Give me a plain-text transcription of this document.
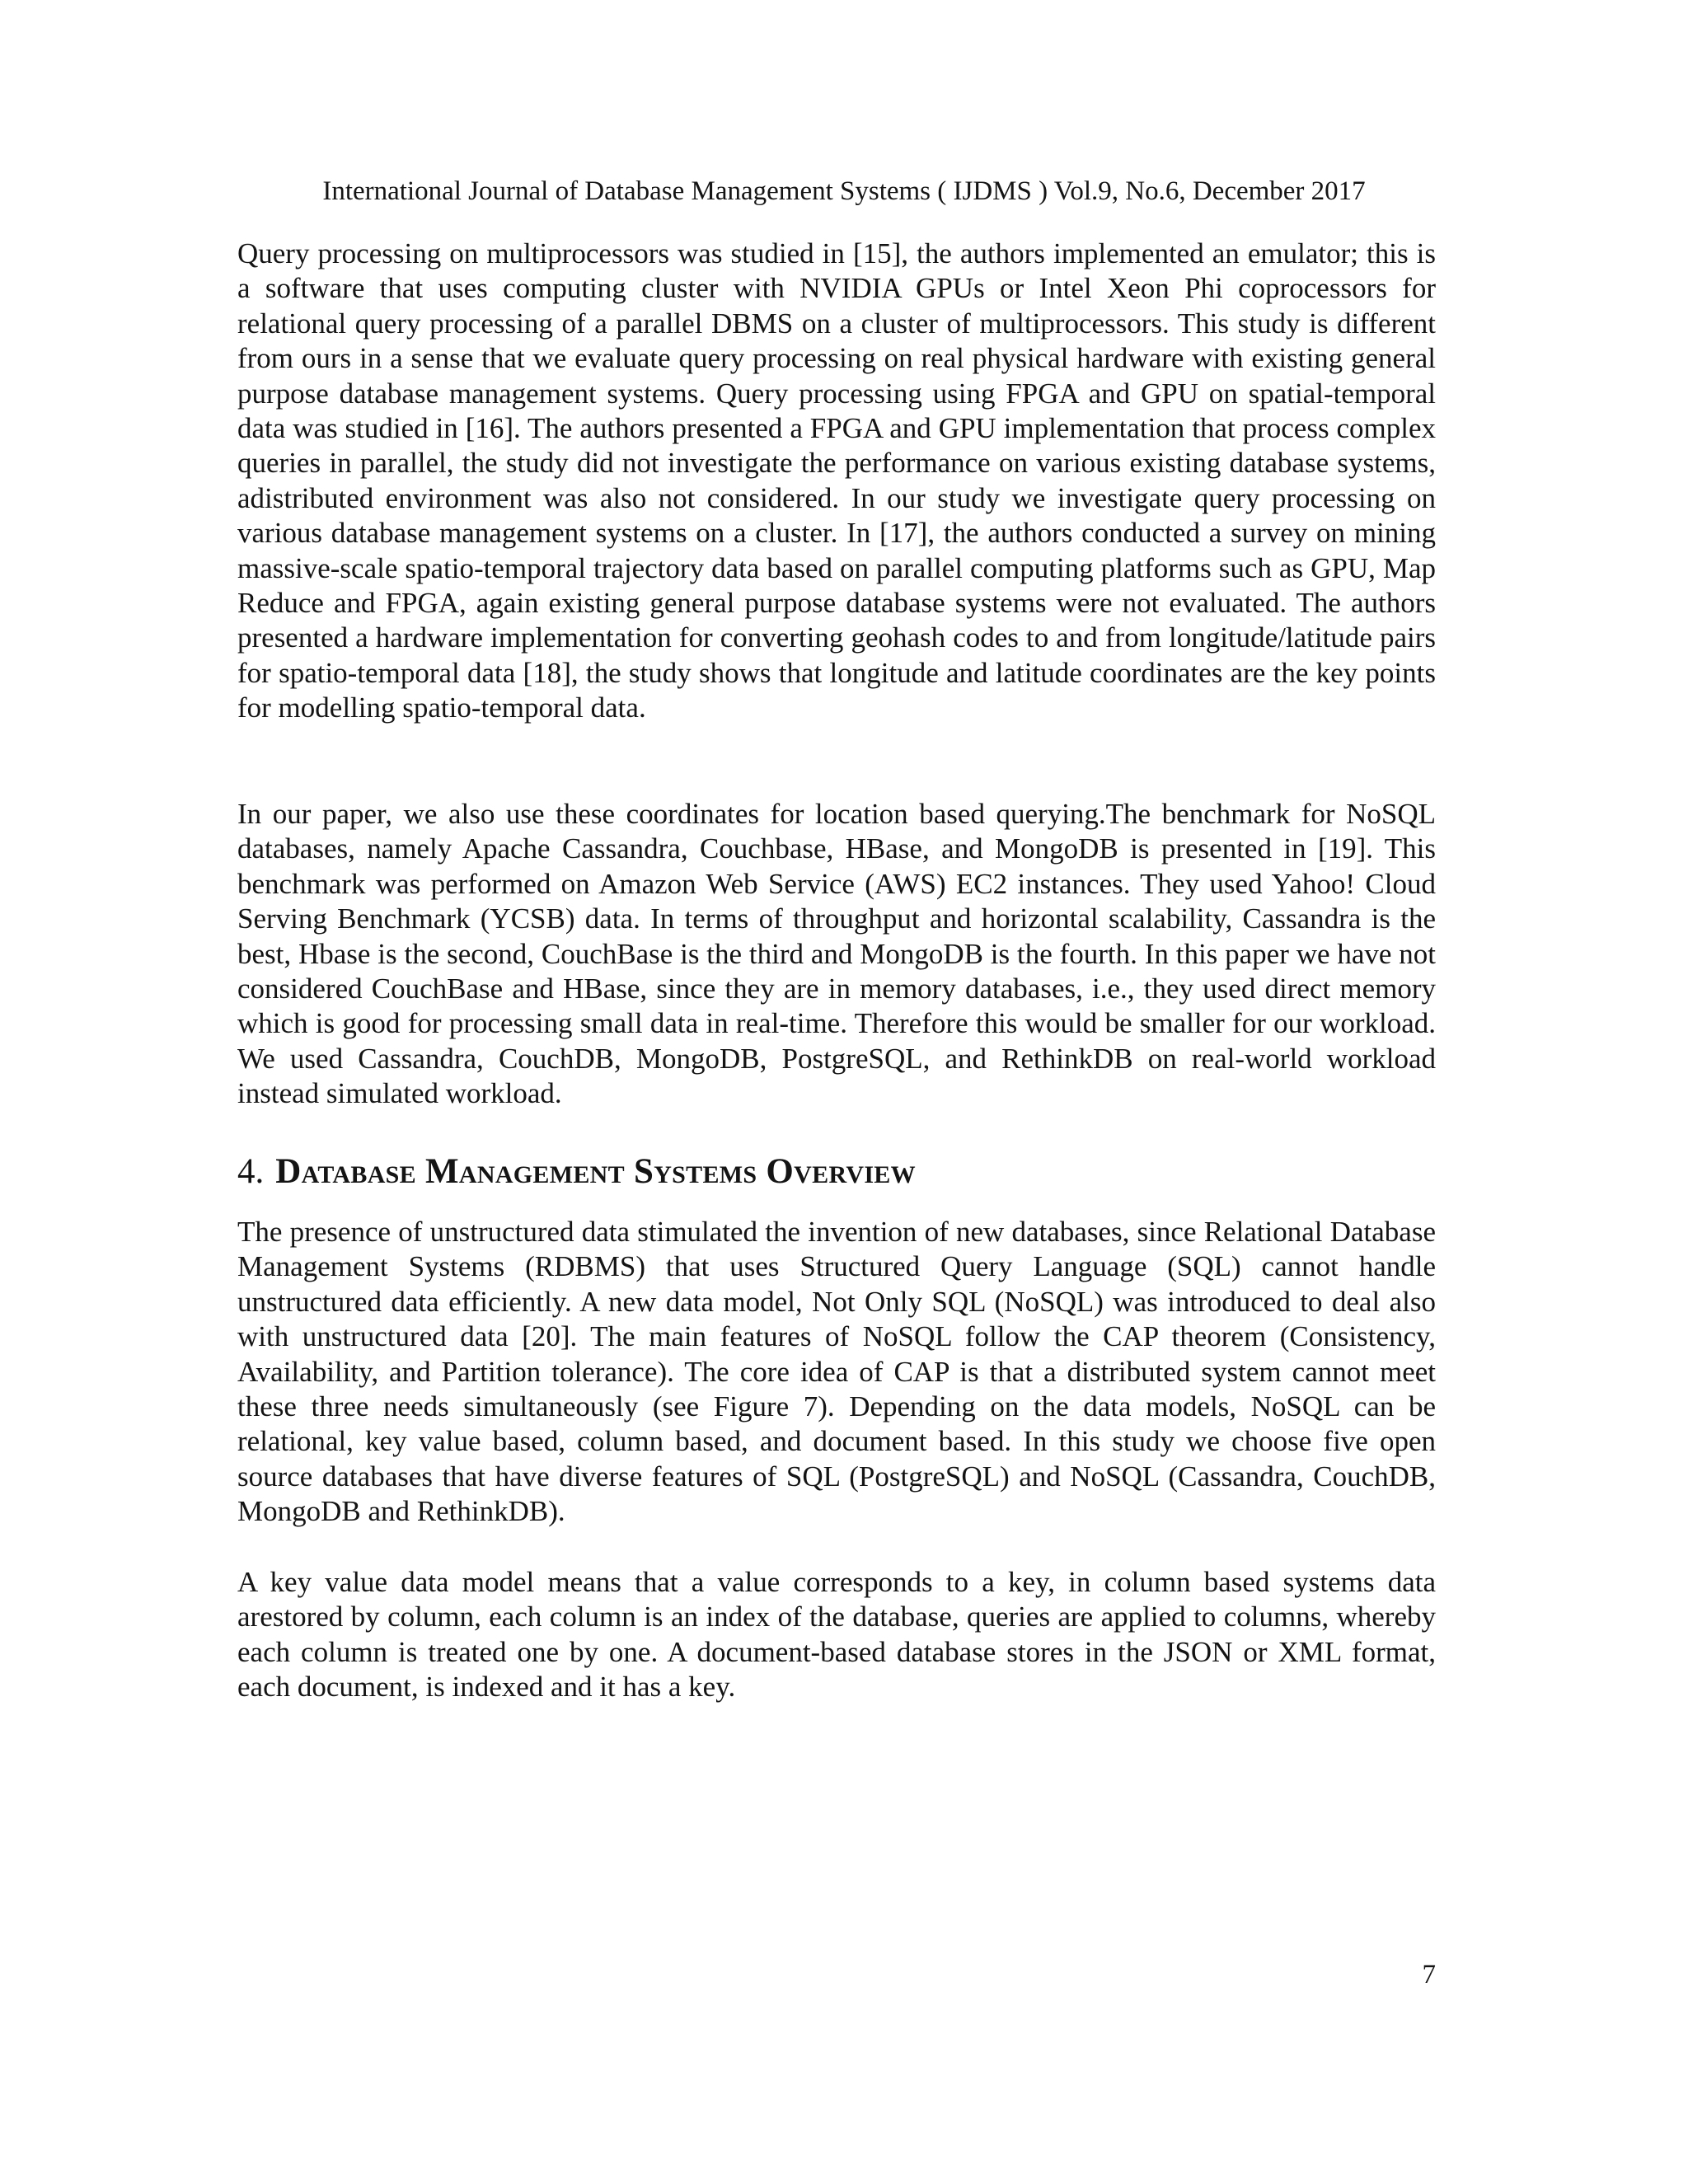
International Journal of Database Management Systems ( IJDMS ) Vol.9, No.6, December 2017

Query processing on multiprocessors was studied in [15], the authors implemented an emulator; this is a software that uses computing cluster with NVIDIA GPUs or Intel Xeon Phi coprocessors for relational query processing of a parallel DBMS on a cluster of multiprocessors. This study is different from ours in a sense that we evaluate query processing on real physical hardware with existing general purpose database management systems. Query processing using FPGA and GPU on spatial-temporal data was studied in [16]. The authors presented a FPGA and GPU implementation that process complex queries in parallel, the study did not investigate the performance on various existing database systems, adistributed environment was also not considered. In our study we investigate query processing on various database management systems on a cluster. In [17], the authors conducted a survey on mining massive-scale spatio-temporal trajectory data based on parallel computing platforms such as GPU, Map Reduce and FPGA, again existing general purpose database systems were not evaluated. The authors presented a hardware implementation for converting geohash codes to and from longitude/latitude pairs for spatio-temporal data [18], the study shows that longitude and latitude coordinates are the key points for modelling spatio-temporal data.

In our paper, we also use these coordinates for location based querying.The benchmark for NoSQL databases, namely Apache Cassandra, Couchbase, HBase, and MongoDB is presented in [19]. This benchmark was performed on Amazon Web Service (AWS) EC2 instances. They used Yahoo! Cloud Serving Benchmark (YCSB) data. In terms of throughput and horizontal scalability, Cassandra is the best, Hbase is the second, CouchBase is the third and MongoDB is the fourth. In this paper we have not considered CouchBase and HBase, since they are in memory databases, i.e., they used direct memory which is good for processing small data in real-time. Therefore this would be smaller for our workload. We used Cassandra, CouchDB, MongoDB, PostgreSQL, and RethinkDB on real-world workload instead simulated workload.

4. Database Management Systems Overview

The presence of unstructured data stimulated the invention of new databases, since Relational Database Management Systems (RDBMS) that uses Structured Query Language (SQL) cannot handle unstructured data efficiently. A new data model, Not Only SQL (NoSQL) was introduced to deal also with unstructured data [20]. The main features of NoSQL follow the CAP theorem (Consistency, Availability, and Partition tolerance). The core idea of CAP is that a distributed system cannot meet these three needs simultaneously (see Figure 7). Depending on the data models, NoSQL can be relational, key value based, column based, and document based. In this study we choose five open source databases that have diverse features of SQL (PostgreSQL) and NoSQL (Cassandra, CouchDB, MongoDB and RethinkDB).

A key value data model means that a value corresponds to a key, in column based systems data arestored by column, each column is an index of the database, queries are applied to columns, whereby each column is treated one by one. A document-based database stores in the JSON or XML format, each document, is indexed and it has a key.

7
